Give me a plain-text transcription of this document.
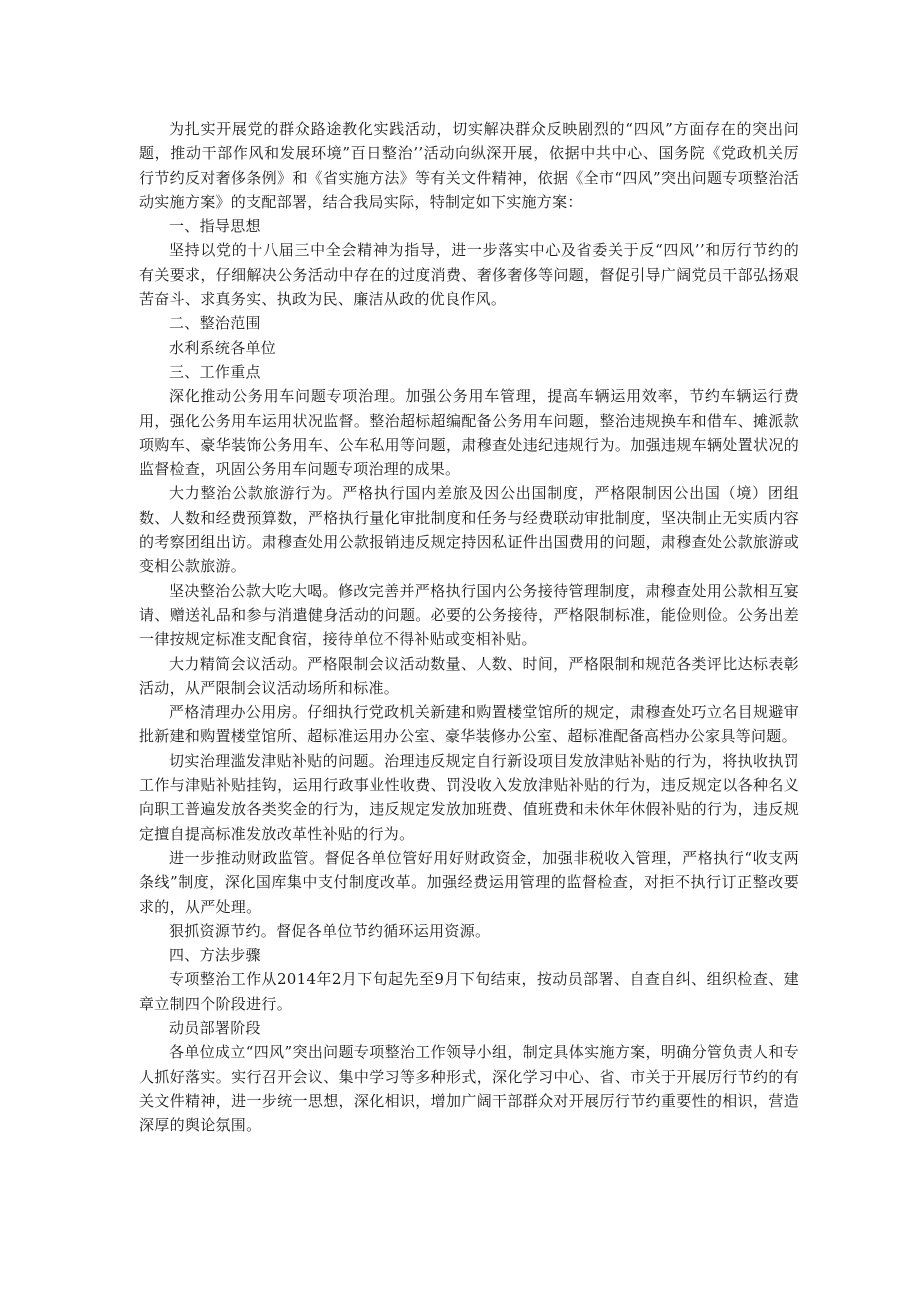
为扎实开展党的群众路途教化实践活动，切实解决群众反映剧烈的“四风”方面存在的突出问题，推动干部作风和发展环境”百日整治’’活动向纵深开展，依据中共中心、国务院《党政机关厉行节约反对奢侈条例》和《省实施方法》等有关文件精神，依据《全市“四风”突出问题专项整治活动实施方案》的支配部署，结合我局实际，特制定如下实施方案：

一、指导思想

坚持以党的十八届三中全会精神为指导，进一步落实中心及省委关于反“四风’’和厉行节约的有关要求，仔细解决公务活动中存在的过度消费、奢侈奢侈等问题，督促引导广阔党员干部弘扬艰苦奋斗、求真务实、执政为民、廉洁从政的优良作风。

二、整治范围

水利系统各单位

三、工作重点

深化推动公务用车问题专项治理。加强公务用车管理，提高车辆运用效率，节约车辆运行费用，强化公务用车运用状况监督。整治超标超编配备公务用车问题，整治违规换车和借车、摊派款项购车、豪华装饰公务用车、公车私用等问题，肃穆查处违纪违规行为。加强违规车辆处置状况的监督检查，巩固公务用车问题专项治理的成果。

大力整治公款旅游行为。严格执行国内差旅及因公出国制度，严格限制因公出国（境）团组数、人数和经费预算数，严格执行量化审批制度和任务与经费联动审批制度，坚决制止无实质内容的考察团组出访。肃穆查处用公款报销违反规定持因私证件出国费用的问题，肃穆查处公款旅游或变相公款旅游。

坚决整治公款大吃大喝。修改完善并严格执行国内公务接待管理制度，肃穆查处用公款相互宴请、赠送礼品和参与消遣健身活动的问题。必要的公务接待，严格限制标准，能俭则俭。公务出差一律按规定标准支配食宿，接待单位不得补贴或变相补贴。

大力精简会议活动。严格限制会议活动数量、人数、时间，严格限制和规范各类评比达标表彰活动，从严限制会议活动场所和标准。

严格清理办公用房。仔细执行党政机关新建和购置楼堂馆所的规定，肃穆查处巧立名目规避审批新建和购置楼堂馆所、超标准运用办公室、豪华装修办公室、超标准配备高档办公家具等问题。

切实治理滥发津贴补贴的问题。治理违反规定自行新设项目发放津贴补贴的行为，将执收执罚工作与津贴补贴挂钩，运用行政事业性收费、罚没收入发放津贴补贴的行为，违反规定以各种名义向职工普遍发放各类奖金的行为，违反规定发放加班费、值班费和未休年休假补贴的行为，违反规定擅自提高标准发放改革性补贴的行为。

进一步推动财政监管。督促各单位管好用好财政资金，加强非税收入管理，严格执行“收支两条线”制度，深化国库集中支付制度改革。加强经费运用管理的监督检查，对拒不执行订正整改要求的，从严处理。

狠抓资源节约。督促各单位节约循环运用资源。

四、方法步骤

专项整治工作从2014年2月下旬起先至9月下旬结束，按动员部署、自查自纠、组织检查、建章立制四个阶段进行。

动员部署阶段

各单位成立“四风”突出问题专项整治工作领导小组，制定具体实施方案，明确分管负责人和专人抓好落实。实行召开会议、集中学习等多种形式，深化学习中心、省、市关于开展厉行节约的有关文件精神，进一步统一思想，深化相识，增加广阔干部群众对开展厉行节约重要性的相识，营造深厚的舆论氛围。
